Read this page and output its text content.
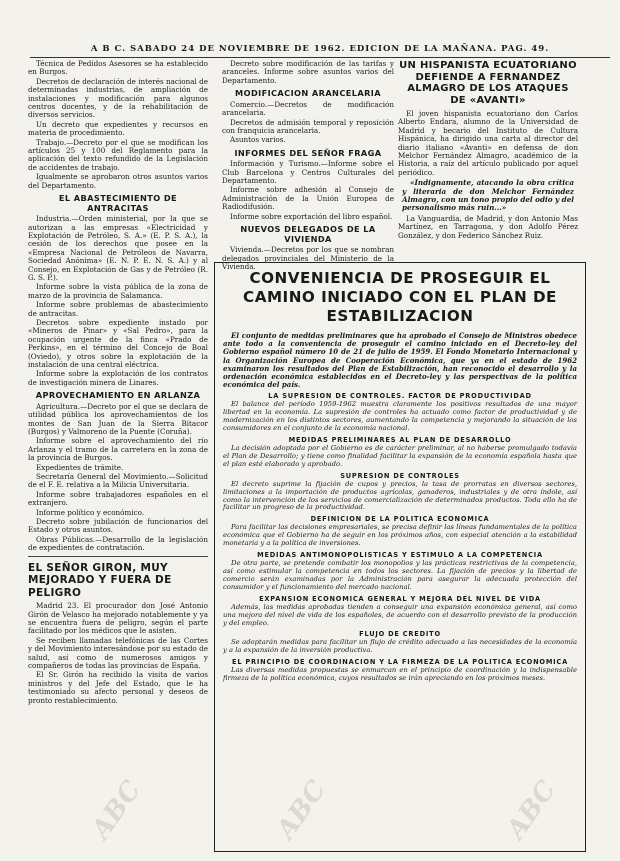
A B C. SABADO 24 DE NOVIEMBRE DE 1962. EDICION DE LA MAÑANA. PAG. 49.

Técnica de Pedidos Asesores se ha establecido en Burgos.

Decretos de declaración de interés nacional de determinadas industrias, de ampliación de instalaciones y modificación para algunos centros docentes, y de la rehabilitación de diversos servicios.

Un decreto que expedientes y recursos en materia de procedimiento.

Trabajo.—Decreto por el que se modifican los artículos 25 y 100 del Reglamento para la aplicación del texto refundido de la Legislación de accidentes de trabajo.

Igualmente se aprobaron otros asuntos varios del Departamento.

EL ABASTECIMIENTO DE ANTRACITAS

Industria.—Orden ministerial, por la que se autorizan a las empresas «Electricidad y Explotación de Petróleo, S. A.» (E. P. S. A.), la cesión de los derechos que posee en la «Empresa Nacional de Petróleos de Navarra, Sociedad Anónima» (E. N. P. E. N. S. A.) y al Consejo, en Explotación de Gas y de Petróleo (R. G. S. P.).

Informe sobre la vista pública de la zona de marzo de la provincia de Salamanca.

Informe sobre problemas de abastecimiento de antracitas.

Decretos sobre expediente instado por «Mineros de Pinar» y «Sal Pedro», para la ocupación urgente de la finca «Prado de Perkins», en el término del Concejo de Boal (Oviedo), y otros sobre la explotación de la instalación de una central eléctrica.

Informe sobre la explotación de los contratos de investigación minera de Linares.

APROVECHAMIENTO EN ARLANZA

Agricultura.—Decreto por el que se declara de utilidad pública los aprovechamientos de los montes de San Juan de la Sierra Bitacor (Burgos) y Valmoreno de la Puente (Coruña).

Informe sobre el aprovechamiento del río Arlanza y el tramo de la carretera en la zona de la provincia de Burgos.

Expedientes de trámite.

Secretaría General del Movimiento.—Solicitud de el F. E. relativa a la Milicia Universitaria.

Informe sobre trabajadores españoles en el extranjero.

Informe político y económico.

Decreto sobre jubilación de funcionarios del Estado y otros asuntos.

Obras Públicas.—Desarrollo de la legislación de expedientes de contratación.

EL SEÑOR GIRON, MUY MEJORADO Y FUERA DE PELIGRO

Madrid 23. El procurador don José Antonio Girón de Velasco ha mejorado notablemente y ya se encuentra fuera de peligro, según el parte facilitado por los médicos que le asisten.

Se reciben llamadas telefónicas de las Cortes y del Movimiento interesándose por su estado de salud, así como de numerosos amigos y compañeros de todas las provincias de España.

El Sr. Girón ha recibido la visita de varios ministros y del Jefe del Estado, que le ha testimoniado su afecto personal y deseos de pronto restablecimiento.

Decreto sobre modificación de las tarifas y aranceles. Informe sobre asuntos varios del Departamento.

MODIFICACION ARANCELARIA

Comercio.—Decretos de modificación arancelaria.

Decretos de admisión temporal y reposición con franquicia arancelaria.

Asuntos varios.

INFORMES DEL SEÑOR FRAGA

Información y Turismo.—Informe sobre el Club Barcelona y Centros Culturales del Departamento.

Informe sobre adhesión al Consejo de Administración de la Unión Europea de Radiodifusión.

Informe sobre exportación del libro español.

NUEVOS DELEGADOS DE LA VIVIENDA

Vivienda.—Decretos por los que se nombran delegados provinciales del Ministerio de la Vivienda.

UN HISPANISTA ECUATORIANO DEFIENDE A FERNANDEZ ALMAGRO DE LOS ATAQUES DE «AVANTI»

El joven hispanista ecuatoriano don Carlos Alberto Endara, alumno de la Universidad de Madrid y becario del Instituto de Cultura Hispánica, ha dirigido una carta al director del diario italiano «Avanti» en defensa de don Melchor Fernández Almagro, académico de la Historia, a raíz del artículo publicado por aquel periódico.

«Indignamente, atacando la obra crítica y literaria de don Melchor Fernández Almagro, con un tono propio del odio y del personalismo más ruin...»

La Vanguardia, de Madrid, y don Antonio Mas Martínez, en Tarragona, y don Adolfo Pérez González, y don Federico Sánchez Ruiz.

CONVENIENCIA DE PROSEGUIR EL CAMINO INICIADO CON EL PLAN DE ESTABILIZACION

El conjunto de medidas preliminares que ha aprobado el Consejo de Ministros obedece ante todo a la conveniencia de proseguir el camino iniciado en el Decreto-ley del Gobierno español número 10 de 21 de julio de 1959. El Fondo Monetario Internacional y la Organización Europea de Cooperación Económica, que ya en el estado de 1962 examinaron los resultados del Plan de Estabilización, han reconocido el desarrollo y la ordenación económica establecidos en el Decreto-ley y las perspectivas de la política económica del país.

LA SUPRESION DE CONTROLES. FACTOR DE PRODUCTIVIDAD

El balance del período 1959-1962 muestra claramente los positivos resultados de una mayor libertad en la economía. La supresión de controles ha actuado como factor de productividad y de modernización en los distintos sectores, aumentando la competencia y mejorando la situación de los consumidores en el conjunto de la economía nacional.

MEDIDAS PRELIMINARES AL PLAN DE DESARROLLO

La decisión adoptada por el Gobierno es de carácter preliminar, al no haberse promulgado todavía el Plan de Desarrollo; y tiene como finalidad facilitar la expansión de la economía española hasta que el plan esté elaborado y aprobado.

SUPRESION DE CONTROLES

El decreto suprime la fijación de cupos y precios, la tasa de prorratas en diversos sectores, limitaciones a la importación de productos agrícolas, ganaderos, industriales y de otra índole, así como la intervención de los servicios de comercialización de determinados productos. Toda ello ha de facilitar un progreso de la productividad.

DEFINICION DE LA POLITICA ECONOMICA

Para facilitar las decisiones empresariales, se precisa definir las líneas fundamentales de la política económica que el Gobierno ha de seguir en los próximos años, con especial atención a la estabilidad monetaria y a la política de inversiones.

MEDIDAS ANTIMONOPOLISTICAS Y ESTIMULO A LA COMPETENCIA

De otra parte, se pretende combatir los monopolios y las prácticas restrictivas de la competencia, así como estimular la competencia en todos los sectores. La fijación de precios y la libertad de comercio serán examinadas por la Administración para asegurar la adecuada protección del consumidor y el funcionamiento del mercado nacional.

EXPANSION ECONOMICA GENERAL Y MEJORA DEL NIVEL DE VIDA

Además, las medidas aprobadas tienden a conseguir una expansión económica general, así como una mejora del nivel de vida de los españoles, de acuerdo con el desarrollo previsto de la producción y del empleo.

FLUJO DE CREDITO

Se adoptarán medidas para facilitar un flujo de crédito adecuado a las necesidades de la economía y a la expansión de la inversión productiva.

EL PRINCIPIO DE COORDINACION Y LA FIRMEZA DE LA POLITICA ECONOMICA

Las diversas medidas propuestas se enmarcan en el principio de coordinación y la indispensable firmeza de la política económica, cuyos resultados se irán apreciando en los próximos meses.

ABC	ABC	ABC
